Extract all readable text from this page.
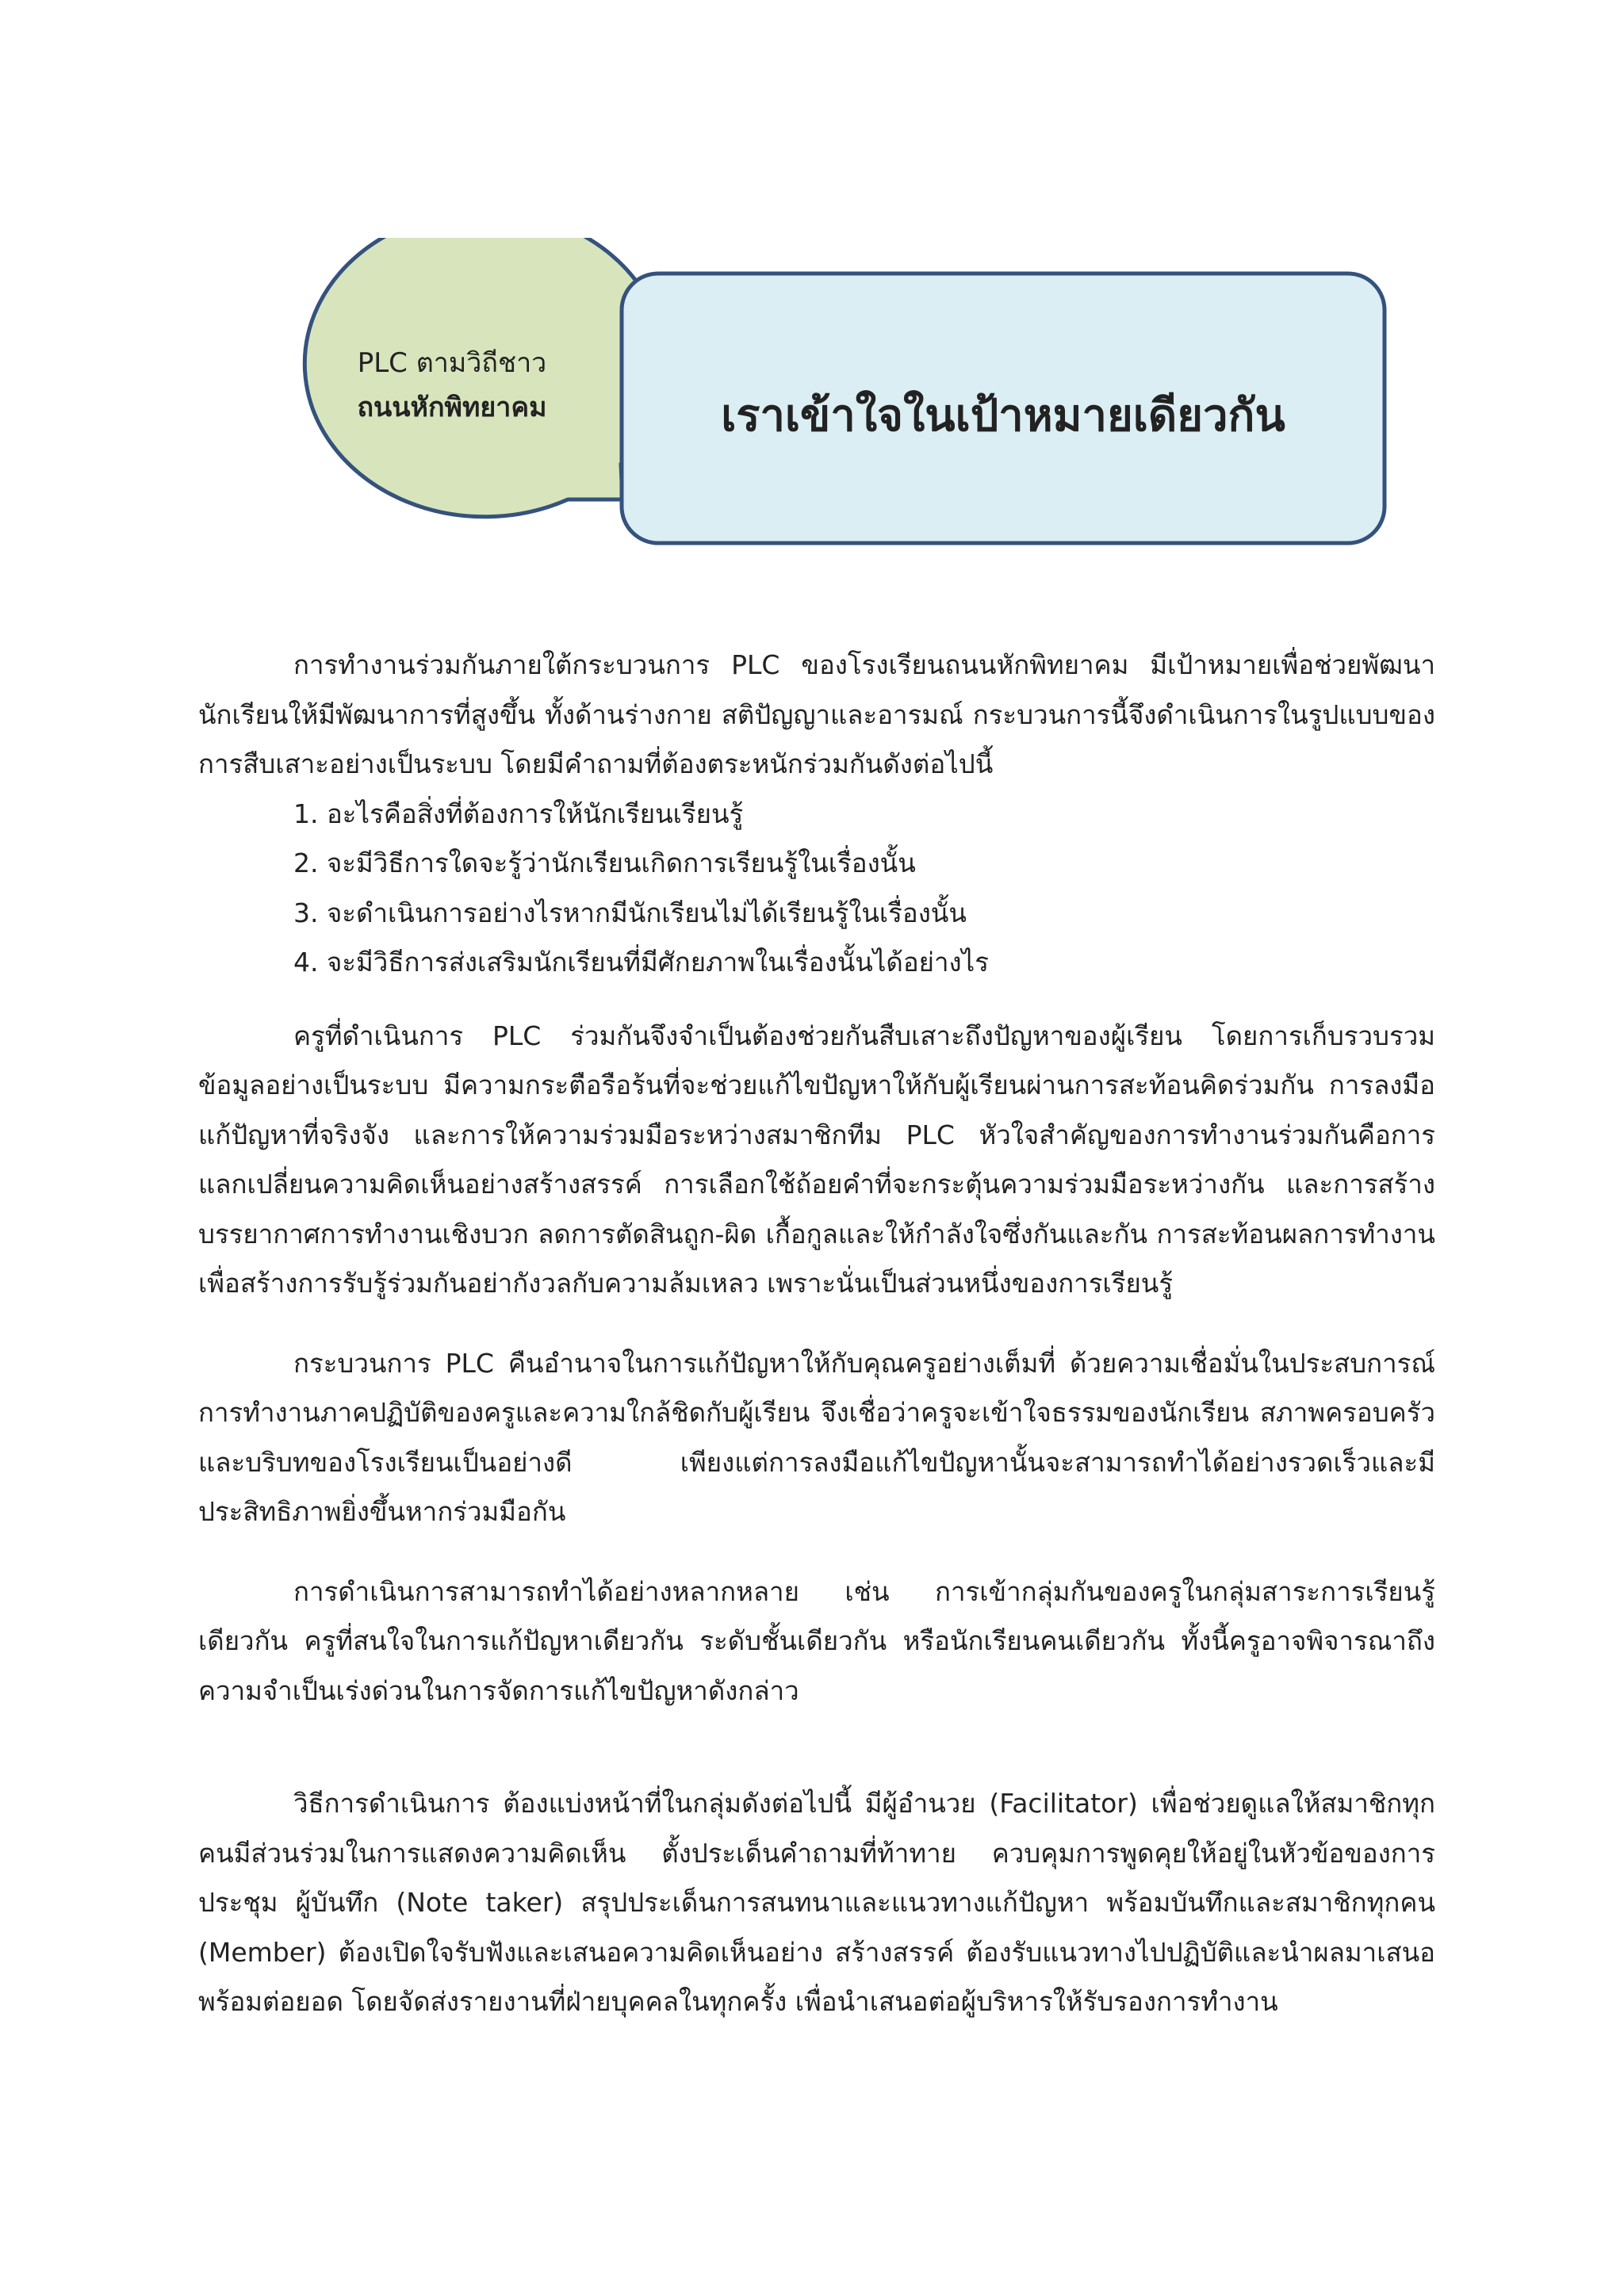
PLC ตามวิถีชาว
ถนนหักพิทยาคม	เราเข้าใจในเป้าหมายเดียวกัน

การทำงานร่วมกันภายใต้กระบวนการ PLC ของโรงเรียนถนนหักพิทยาคม มีเป้าหมายเพื่อช่วยพัฒนานักเรียนให้มีพัฒนาการที่สูงขึ้น ทั้งด้านร่างกาย สติปัญญาและอารมณ์ กระบวนการนี้จึงดำเนินการในรูปแบบของการสืบเสาะอย่างเป็นระบบ โดยมีคำถามที่ต้องตระหนักร่วมกันดังต่อไปนี้

1. อะไรคือสิ่งที่ต้องการให้นักเรียนเรียนรู้
2. จะมีวิธีการใดจะรู้ว่านักเรียนเกิดการเรียนรู้ในเรื่องนั้น
3. จะดำเนินการอย่างไรหากมีนักเรียนไม่ได้เรียนรู้ในเรื่องนั้น
4. จะมีวิธีการส่งเสริมนักเรียนที่มีศักยภาพในเรื่องนั้นได้อย่างไร

ครูที่ดำเนินการ PLC ร่วมกันจึงจำเป็นต้องช่วยกันสืบเสาะถึงปัญหาของผู้เรียน โดยการเก็บรวบรวมข้อมูลอย่างเป็นระบบ มีความกระตือรือร้นที่จะช่วยแก้ไขปัญหาให้กับผู้เรียนผ่านการสะท้อนคิดร่วมกัน การลงมือแก้ปัญหาที่จริงจัง และการให้ความร่วมมือระหว่างสมาชิกทีม PLC หัวใจสำคัญของการทำงานร่วมกันคือการแลกเปลี่ยนความคิดเห็นอย่างสร้างสรรค์ การเลือกใช้ถ้อยคำที่จะกระตุ้นความร่วมมือระหว่างกัน และการสร้างบรรยากาศการทำงานเชิงบวก ลดการตัดสินถูก-ผิด เกื้อกูลและให้กำลังใจซึ่งกันและกัน การสะท้อนผลการทำงานเพื่อสร้างการรับรู้ร่วมกันอย่ากังวลกับความล้มเหลว เพราะนั่นเป็นส่วนหนึ่งของการเรียนรู้

กระบวนการ PLC คืนอำนาจในการแก้ปัญหาให้กับคุณครูอย่างเต็มที่ ด้วยความเชื่อมั่นในประสบการณ์การทำงานภาคปฏิบัติของครูและความใกล้ชิดกับผู้เรียน จึงเชื่อว่าครูจะเข้าใจธรรมของนักเรียน สภาพครอบครัวและบริบทของโรงเรียนเป็นอย่างดี เพียงแต่การลงมือแก้ไขปัญหานั้นจะสามารถทำได้อย่างรวดเร็วและมีประสิทธิภาพยิ่งขึ้นหากร่วมมือกัน

การดำเนินการสามารถทำได้อย่างหลากหลาย เช่น การเข้ากลุ่มกันของครูในกลุ่มสาระการเรียนรู้เดียวกัน ครูที่สนใจในการแก้ปัญหาเดียวกัน ระดับชั้นเดียวกัน หรือนักเรียนคนเดียวกัน ทั้งนี้ครูอาจพิจารณาถึงความจำเป็นเร่งด่วนในการจัดการแก้ไขปัญหาดังกล่าว

วิธีการดำเนินการ ต้องแบ่งหน้าที่ในกลุ่มดังต่อไปนี้ มีผู้อำนวย (Facilitator) เพื่อช่วยดูแลให้สมาชิกทุกคนมีส่วนร่วมในการแสดงความคิดเห็น ตั้งประเด็นคำถามที่ท้าทาย ควบคุมการพูดคุยให้อยู่ในหัวข้อของการประชุม ผู้บันทึก (Note taker) สรุปประเด็นการสนทนาและแนวทางแก้ปัญหา พร้อมบันทึกและสมาชิกทุกคน (Member) ต้องเปิดใจรับฟังและเสนอความคิดเห็นอย่าง สร้างสรรค์ ต้องรับแนวทางไปปฏิบัติและนำผลมาเสนอพร้อมต่อยอด โดยจัดส่งรายงานที่ฝ่ายบุคคลในทุกครั้ง เพื่อนำเสนอต่อผู้บริหารให้รับรองการทำงาน
